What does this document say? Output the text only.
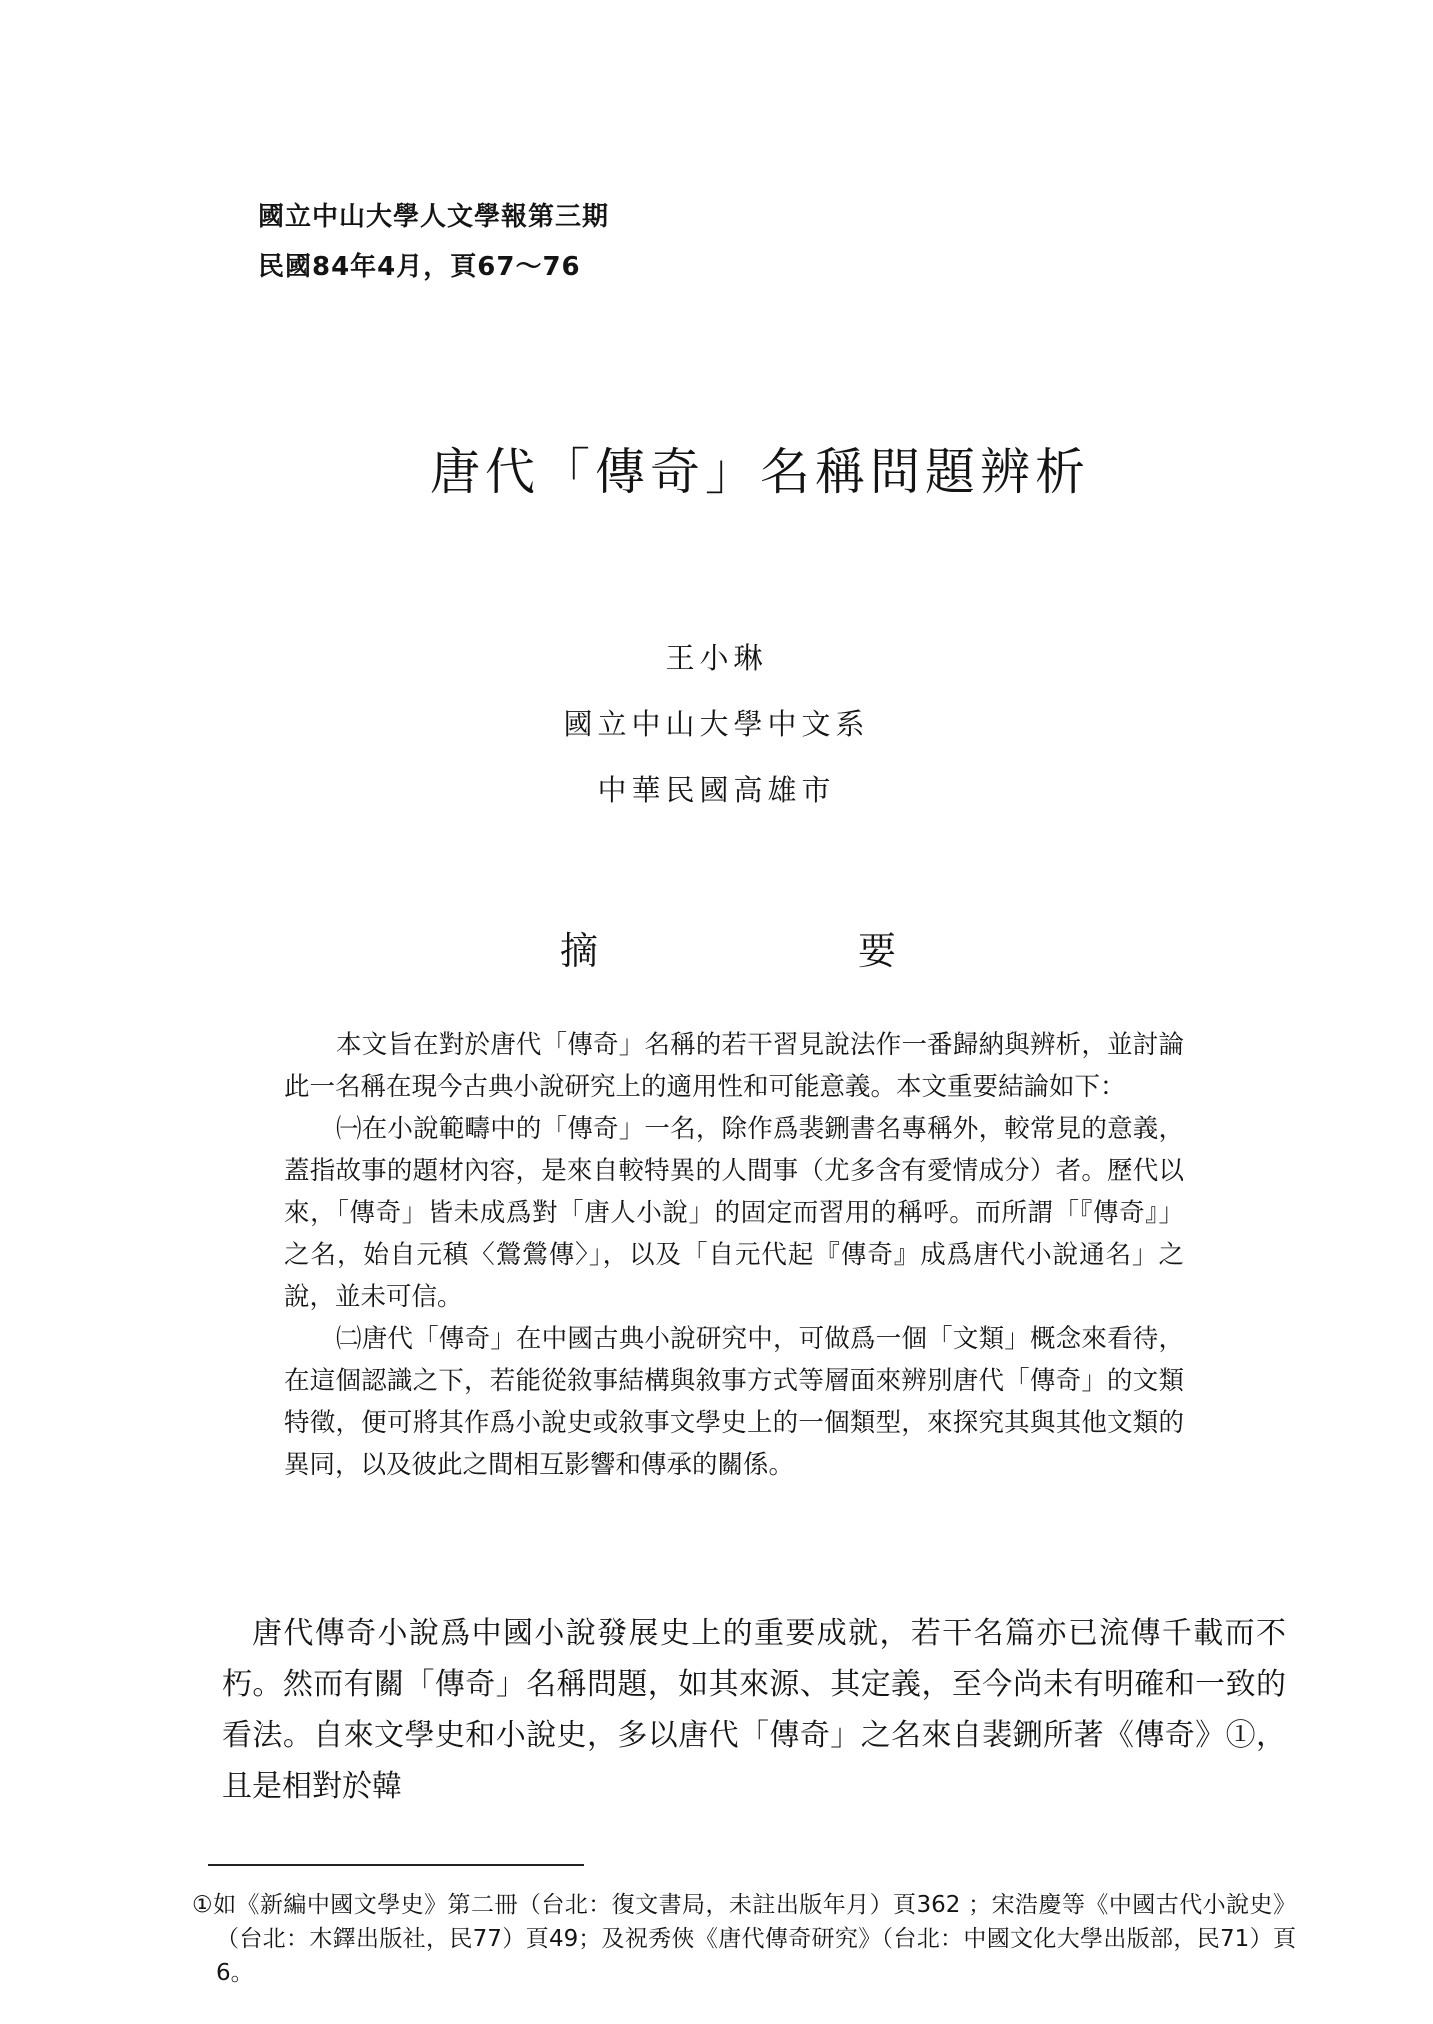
國立中山大學人文學報第三期
民國84年4月，頁67～76
唐代「傳奇」名稱問題辨析
王小琳
國立中山大學中文系
中華民國高雄市
摘	要

本文旨在對於唐代「傳奇」名稱的若干習見說法作一番歸納與辨析，並討論此一名稱在現今古典小說研究上的適用性和可能意義。本文重要結論如下：

㈠在小說範疇中的「傳奇」一名，除作爲裴鉶書名專稱外，較常見的意義，蓋指故事的題材內容，是來自較特異的人間事（尤多含有愛情成分）者。歷代以來，「傳奇」皆未成爲對「唐人小說」的固定而習用的稱呼。而所謂「『傳奇』」之名，始自元稹〈鶯鶯傳〉」，以及「自元代起『傳奇』成爲唐代小說通名」之說，並未可信。

㈡唐代「傳奇」在中國古典小說研究中，可做爲一個「文類」概念來看待，在這個認識之下，若能從敘事結構與敘事方式等層面來辨別唐代「傳奇」的文類特徵，便可將其作爲小說史或敘事文學史上的一個類型，來探究其與其他文類的異同，以及彼此之間相互影響和傳承的關係。

唐代傳奇小說爲中國小說發展史上的重要成就，若干名篇亦已流傳千載而不朽。然而有關「傳奇」名稱問題，如其來源、其定義，至今尚未有明確和一致的看法。自來文學史和小說史，多以唐代「傳奇」之名來自裴鉶所著《傳奇》①，且是相對於韓

①如《新編中國文學史》第二冊（台北：復文書局，未註出版年月）頁362 ；宋浩慶等《中國古代小說史》（台北：木鐸出版社，民77）頁49；及祝秀俠《唐代傳奇研究》（台北：中國文化大學出版部，民71）頁6。
